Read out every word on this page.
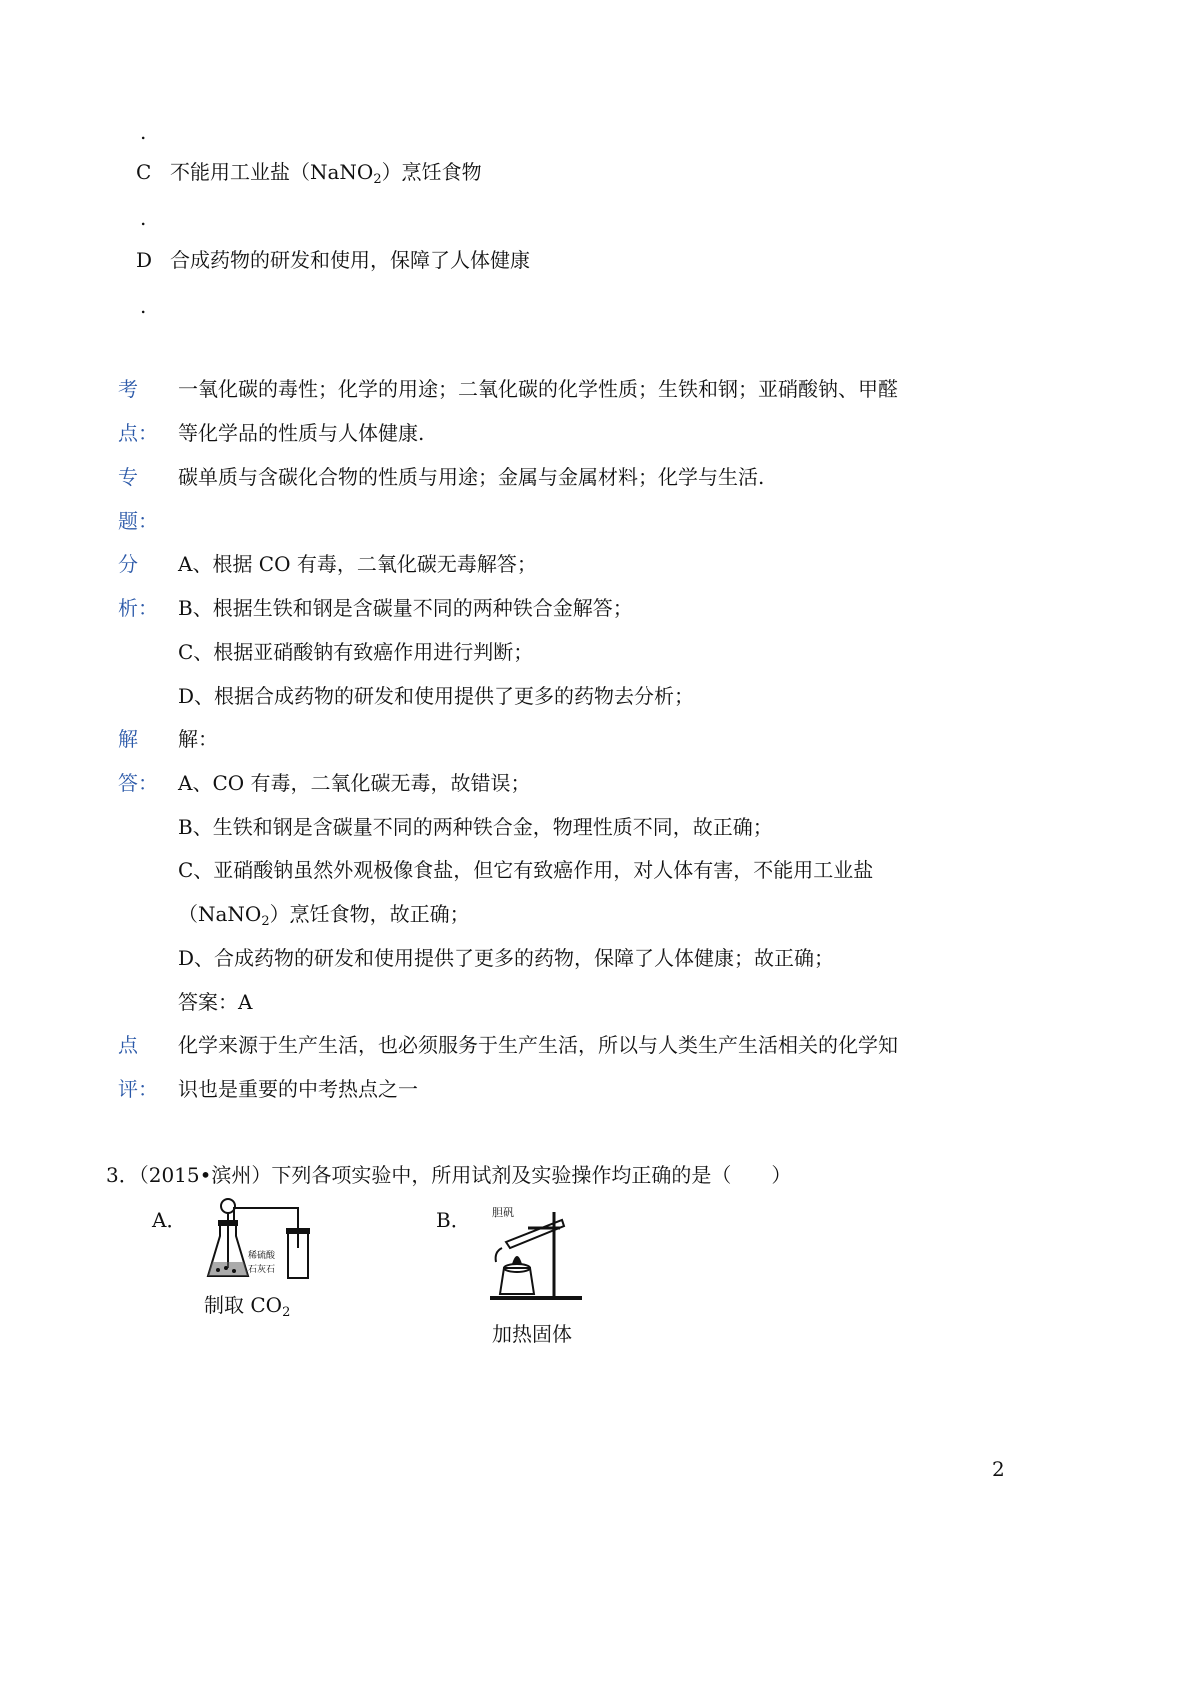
.
C 不能用工业盐（NaNO$_2$）烹饪食物
.
D 合成药物的研发和使用，保障了人体健康
.
考
点：
一氧化碳的毒性；化学的用途；二氧化碳的化学性质；生铁和钢；亚硝酸钠、甲醛
等化学品的性质与人体健康.
专
题：
碳单质与含碳化合物的性质与用途；金属与金属材料；化学与生活.
分
析：
A、根据 CO 有毒，二氧化碳无毒解答；
B、根据生铁和钢是含碳量不同的两种铁合金解答；
C、根据亚硝酸钠有致癌作用进行判断；
D、根据合成药物的研发和使用提供了更多的药物去分析；
解
答：
解：
A、CO 有毒，二氧化碳无毒，故错误；
B、生铁和钢是含碳量不同的两种铁合金，物理性质不同，故正确；
C、亚硝酸钠虽然外观极像食盐，但它有致癌作用，对人体有害，不能用工业盐
（NaNO$_2$）烹饪食物，故正确；
D、合成药物的研发和使用提供了更多的药物，保障了人体健康；故正确；
答案：A
点
评：
化学来源于生产生活，也必须服务于生产生活，所以与人类生产生活相关的化学知
识也是重要的中考热点之一
3．（2015•滨州）下列各项实验中，所用试剂及实验操作均正确的是（　　）
A．
稀硫酸
石灰石
制取 $CO_2$
B． 胆矾
加热固体
2
